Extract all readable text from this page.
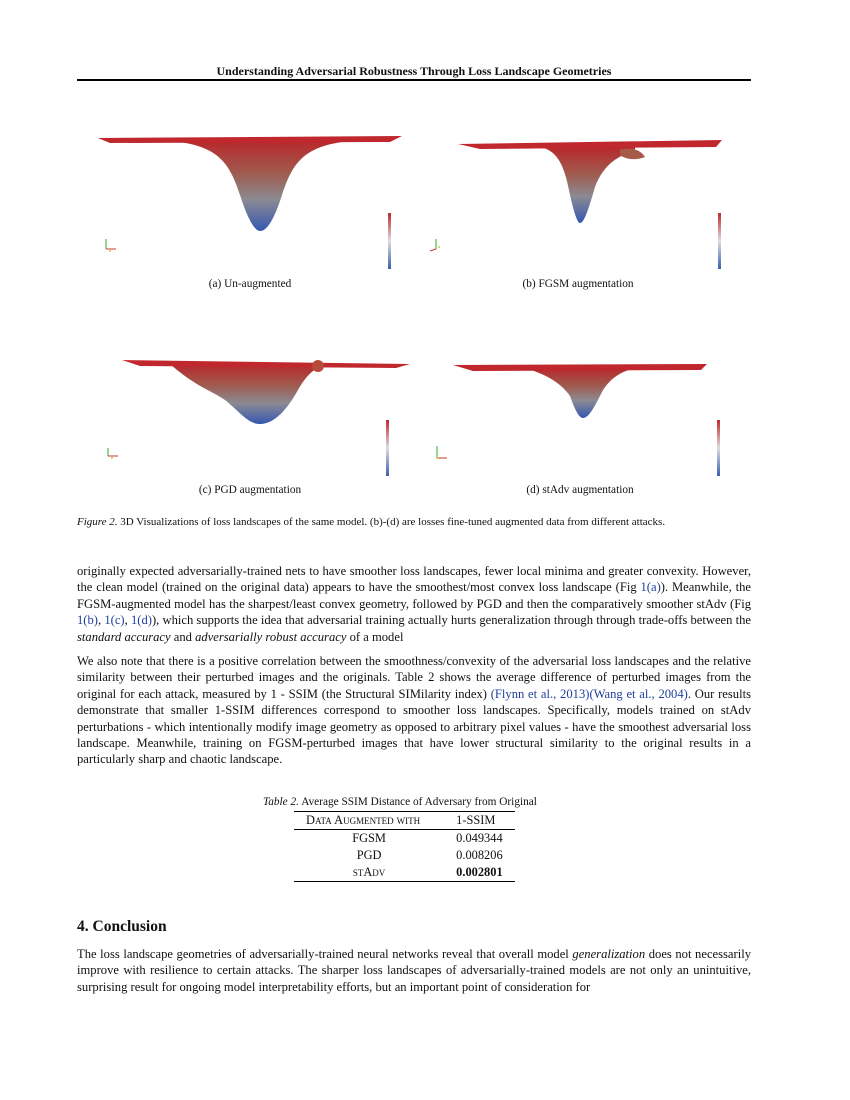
Understanding Adversarial Robustness Through Loss Landscape Geometries
(a) Un-augmented	(b) FGSM augmentation
(c) PGD augmentation	(d) stAdv augmentation
Figure 2. 3D Visualizations of loss landscapes of the same model. (b)-(d) are losses fine-tuned augmented data from different attacks.
originally expected adversarially-trained nets to have smoother loss landscapes, fewer local minima and greater convexity. However, the clean model (trained on the original data) appears to have the smoothest/most convex loss landscape (Fig 1(a)). Meanwhile, the FGSM-augmented model has the sharpest/least convex geometry, followed by PGD and then the comparatively smoother stAdv (Fig 1(b), 1(c), 1(d)), which supports the idea that adversarial training actually hurts generalization through through trade-offs between the standard accuracy and adversarially robust accuracy of a model
We also note that there is a positive correlation between the smoothness/convexity of the adversarial loss landscapes and the relative similarity between their perturbed images and the originals. Table 2 shows the average difference of perturbed images from the original for each attack, measured by 1 - SSIM (the Structural SIMilarity index) (Flynn et al., 2013)(Wang et al., 2004). Our results demonstrate that smaller 1-SSIM differences correspond to smoother loss landscapes. Specifically, models trained on stAdv perturbations - which intentionally modify image geometry as opposed to arbitrary pixel values - have the smoothest adversarial loss landscape. Meanwhile, training on FGSM-perturbed images that have lower structural similarity to the original results in a particularly sharp and chaotic landscape.
Table 2. Average SSIM Distance of Adversary from Original
Data Augmented with	1-SSIM
FGSM	0.049344
PGD	0.008206
stAdv	0.002801
4. Conclusion
The loss landscape geometries of adversarially-trained neural networks reveal that overall model generalization does not necessarily improve with resilience to certain attacks. The sharper loss landscapes of adversarially-trained models are not only an unintuitive, surprising result for ongoing model interpretability efforts, but an important point of consideration for
